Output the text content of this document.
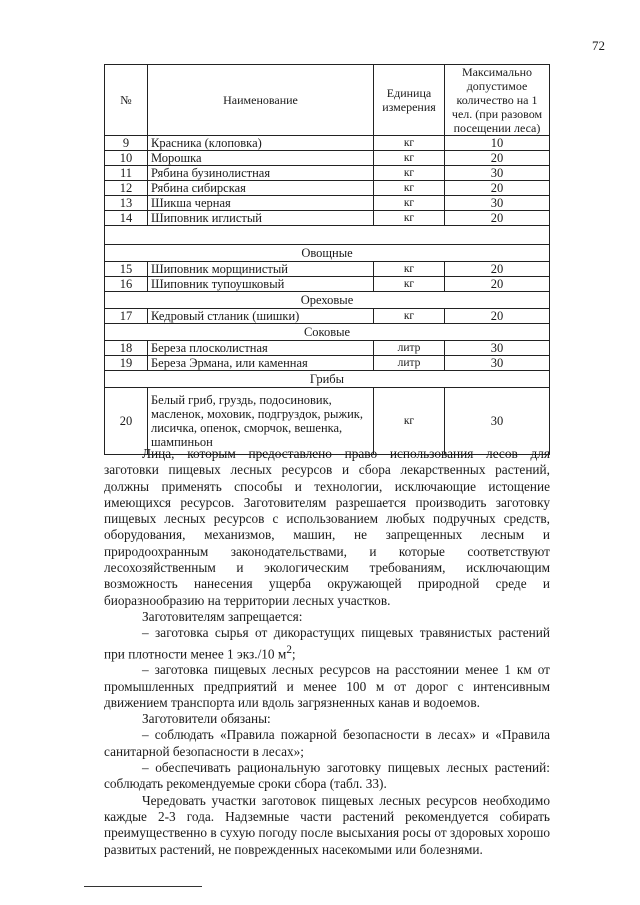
72
№	Наименование	Единица измерения	Максимально допустимое количество на 1 чел. (при разовом посещении леса)
9	Красника (клоповка)	кг	10
10	Морошка	кг	20
11	Рябина бузинолистная	кг	30
12	Рябина сибирская	кг	20
13	Шикша черная	кг	30
14	Шиповник иглистый	кг	20

Овощные			
15	Шиповник морщинистый	кг	20
16	Шиповник тупоушковый	кг	20
Ореховые			
17	Кедровый стланик (шишки)	кг	20
Соковые			
18	Береза плосколистная	литр	30
19	Береза Эрмана, или каменная	литр	30
Грибы			
20	Белый гриб, груздь, подосиновик, масленок, моховик, подгруздок, рыжик, лисичка, опенок, сморчок, вешенка, шампиньон	кг	30

Лица, которым предоставлено право использования лесов для заготовки пищевых лесных ресурсов и сбора лекарственных растений, должны применять способы и технологии, исключающие истощение имеющихся ресурсов. Заготовителям разрешается производить заготовку пищевых лесных ресурсов с использованием любых подручных средств, оборудования, механизмов, машин, не запрещенных лесным и природоохранным законодательствами, и которые соответствуют лесохозяйственным и экологическим требованиям, исключающим возможность нанесения ущерба окружающей природной среде и биоразнообразию на территории лесных участков.

Заготовителям запрещается:

– заготовка сырья от дикорастущих пищевых травянистых растений при плотности менее 1 экз./10 $м^2$;

– заготовка пищевых лесных ресурсов на расстоянии менее 1 км от промышленных предприятий и менее 100 м от дорог с интенсивным движением транспорта или вдоль загрязненных канав и водоемов.

Заготовители обязаны:

– соблюдать «Правила пожарной безопасности в лесах» и «Правила санитарной безопасности в лесах»;

– обеспечивать рациональную заготовку пищевых лесных растений: соблюдать рекомендуемые сроки сбора (табл. 33).

Чередовать участки заготовок пищевых лесных ресурсов необходимо каждые 2-3 года. Надземные части растений рекомендуется собирать преимущественно в сухую погоду после высыхания росы от здоровых хорошо развитых растений, не поврежденных насекомыми или болезнями.
